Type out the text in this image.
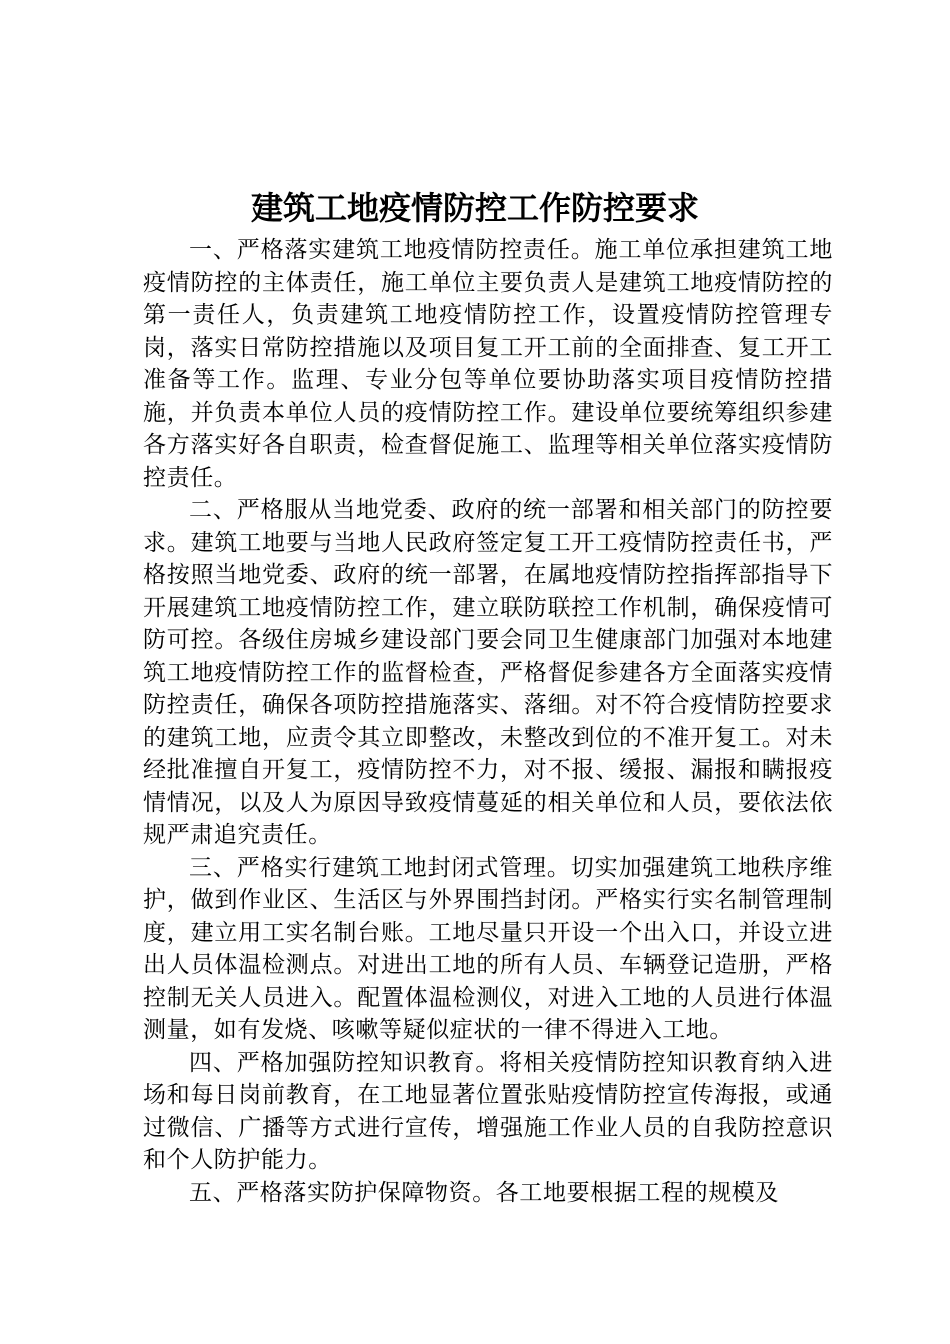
建筑工地疫情防控工作防控要求

一、严格落实建筑工地疫情防控责任。施工单位承担建筑工地疫情防控的主体责任，施工单位主要负责人是建筑工地疫情防控的第一责任人，负责建筑工地疫情防控工作，设置疫情防控管理专岗，落实日常防控措施以及项目复工开工前的全面排查、复工开工准备等工作。监理、专业分包等单位要协助落实项目疫情防控措施，并负责本单位人员的疫情防控工作。建设单位要统筹组织参建各方落实好各自职责，检查督促施工、监理等相关单位落实疫情防控责任。

二、严格服从当地党委、政府的统一部署和相关部门的防控要求。建筑工地要与当地人民政府签定复工开工疫情防控责任书，严格按照当地党委、政府的统一部署，在属地疫情防控指挥部指导下开展建筑工地疫情防控工作，建立联防联控工作机制，确保疫情可防可控。各级住房城乡建设部门要会同卫生健康部门加强对本地建筑工地疫情防控工作的监督检查，严格督促参建各方全面落实疫情防控责任，确保各项防控措施落实、落细。对不符合疫情防控要求的建筑工地，应责令其立即整改，未整改到位的不准开复工。对未经批准擅自开复工，疫情防控不力，对不报、缓报、漏报和瞒报疫情情况，以及人为原因导致疫情蔓延的相关单位和人员，要依法依规严肃追究责任。

三、严格实行建筑工地封闭式管理。切实加强建筑工地秩序维护，做到作业区、生活区与外界围挡封闭。严格实行实名制管理制度，建立用工实名制台账。工地尽量只开设一个出入口，并设立进出人员体温检测点。对进出工地的所有人员、车辆登记造册，严格控制无关人员进入。配置体温检测仪，对进入工地的人员进行体温测量，如有发烧、咳嗽等疑似症状的一律不得进入工地。

四、严格加强防控知识教育。将相关疫情防控知识教育纳入进场和每日岗前教育，在工地显著位置张贴疫情防控宣传海报，或通过微信、广播等方式进行宣传，增强施工作业人员的自我防控意识和个人防护能力。

五、严格落实防护保障物资。各工地要根据工程的规模及
